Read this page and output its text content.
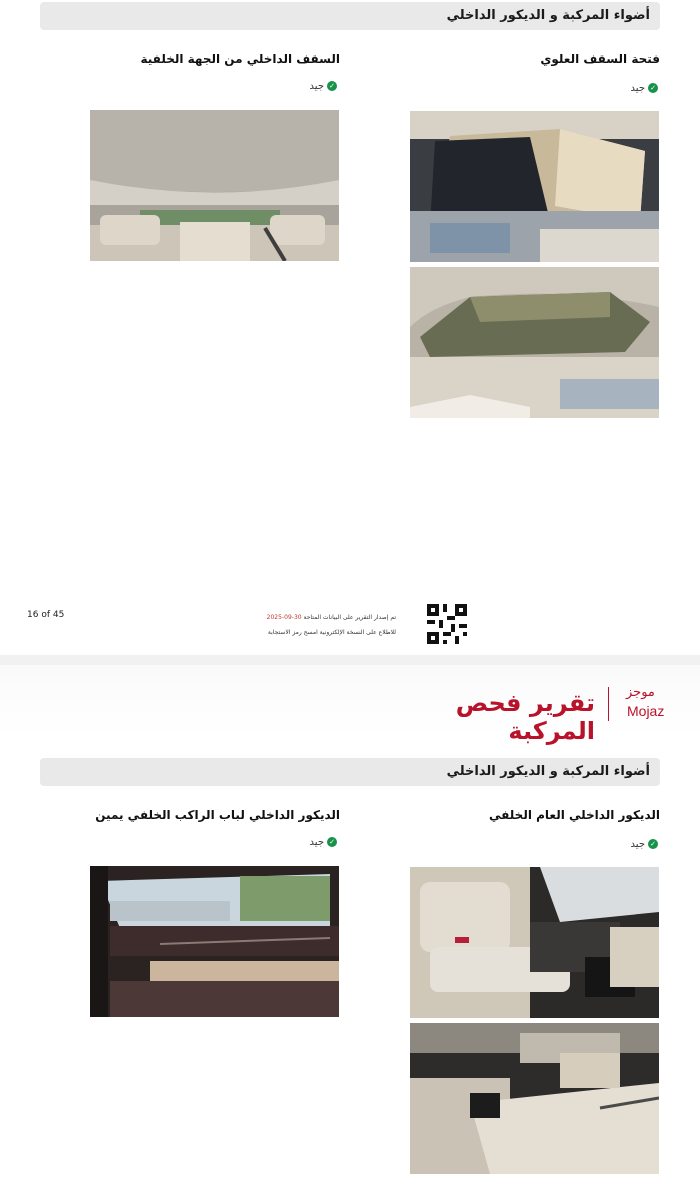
أضواء المركبة و الديكور الداخلي
فتحة السقف العلوي
✓جيد
السقف الداخلي من الجهة الخلفية
✓جيد
16 of 45	تم إصدار التقرير على البيانات المتاحة 30-09-2025
للاطلاع على النسخة الإلكترونية امسح رمز الاستجابة
موجز
Mojaz
تقرير فحص المركبة
أضواء المركبة و الديكور الداخلي
الديكور الداخلي العام الخلفي
✓جيد
الديكور الداخلي لباب الراكب الخلفي يمين
✓جيد
